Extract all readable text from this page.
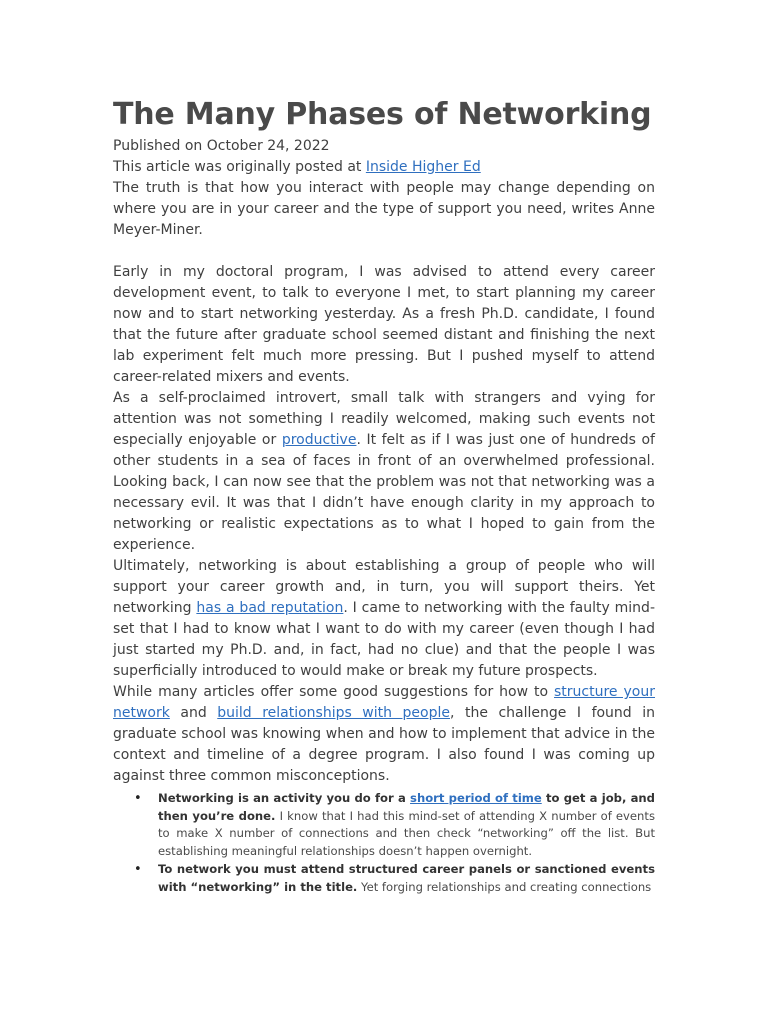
The Many Phases of Networking

Published on October 24, 2022

This article was originally posted at Inside Higher Ed

The truth is that how you interact with people may change depending on where you are in your career and the type of support you need, writes Anne Meyer-Miner.

Early in my doctoral program, I was advised to attend every career development event, to talk to everyone I met, to start planning my career now and to start networking yesterday. As a fresh Ph.D. candidate, I found that the future after graduate school seemed distant and finishing the next lab experiment felt much more pressing. But I pushed myself to attend career-related mixers and events.

As a self-proclaimed introvert, small talk with strangers and vying for attention was not something I readily welcomed, making such events not especially enjoyable or productive. It felt as if I was just one of hundreds of other students in a sea of faces in front of an overwhelmed professional. Looking back, I can now see that the problem was not that networking was a necessary evil. It was that I didn’t have enough clarity in my approach to networking or realistic expectations as to what I hoped to gain from the experience.

Ultimately, networking is about establishing a group of people who will support your career growth and, in turn, you will support theirs. Yet networking has a bad reputation. I came to networking with the faulty mind-set that I had to know what I want to do with my career (even though I had just started my Ph.D. and, in fact, had no clue) and that the people I was superficially introduced to would make or break my future prospects.

While many articles offer some good suggestions for how to structure your network and build relationships with people, the challenge I found in graduate school was knowing when and how to implement that advice in the context and timeline of a degree program. I also found I was coming up against three common misconceptions.

• Networking is an activity you do for a short period of time to get a job, and then you’re done. I know that I had this mind-set of attending X number of events to make X number of connections and then check “networking” off the list. But establishing meaningful relationships doesn’t happen overnight.
• To network you must attend structured career panels or sanctioned events with “networking” in the title. Yet forging relationships and creating connections
